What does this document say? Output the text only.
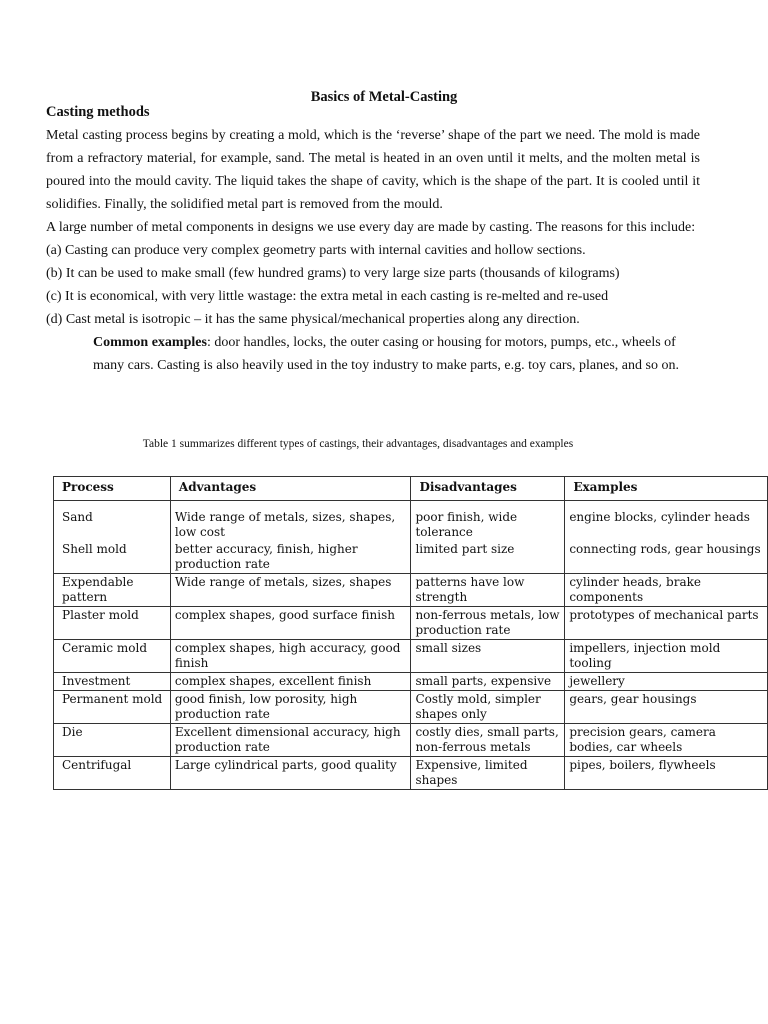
Basics of Metal-Casting
Casting methods

Metal casting process begins by creating a mold, which is the ‘reverse’ shape of the part we need. The mold is made from a refractory material, for example, sand. The metal is heated in an oven until it melts, and the molten metal is poured into the mould cavity. The liquid takes the shape of cavity, which is the shape of the part. It is cooled until it solidifies. Finally, the solidified metal part is removed from the mould.

A large number of metal components in designs we use every day are made by casting. The reasons for this include:

(a) Casting can produce very complex geometry parts with internal cavities and hollow sections.

(b) It can be used to make small (few hundred grams) to very large size parts (thousands of kilograms)

(c) It is economical, with very little wastage: the extra metal in each casting is re-melted and re-used

(d) Cast metal is isotropic – it has the same physical/mechanical properties along any direction.

Common examples: door handles, locks, the outer casing or housing for motors, pumps, etc., wheels of many cars. Casting is also heavily used in the toy industry to make parts, e.g. toy cars, planes, and so on.

Table 1 summarizes different types of castings, their advantages, disadvantages and examples
Process	Advantages	Disadvantages	Examples
Sand	Wide range of metals, sizes, shapes, low cost	poor finish, wide tolerance	engine blocks, cylinder heads
Shell mold	better accuracy, finish, higher production rate	limited part size	connecting rods, gear housings
Expendable pattern	Wide range of metals, sizes, shapes	patterns have low strength	cylinder heads, brake components
Plaster mold	complex shapes, good surface finish	non-ferrous metals, low production rate	prototypes of mechanical parts
Ceramic mold	complex shapes, high accuracy, good finish	small sizes	impellers, injection mold tooling
Investment	complex shapes, excellent finish	small parts, expensive	jewellery
Permanent mold	good finish, low porosity, high production rate	Costly mold, simpler shapes only	gears, gear housings
Die	Excellent dimensional accuracy, high production rate	costly dies, small parts, non-ferrous metals	precision gears, camera bodies, car wheels
Centrifugal	Large cylindrical parts, good quality	Expensive, limited shapes	pipes, boilers, flywheels
